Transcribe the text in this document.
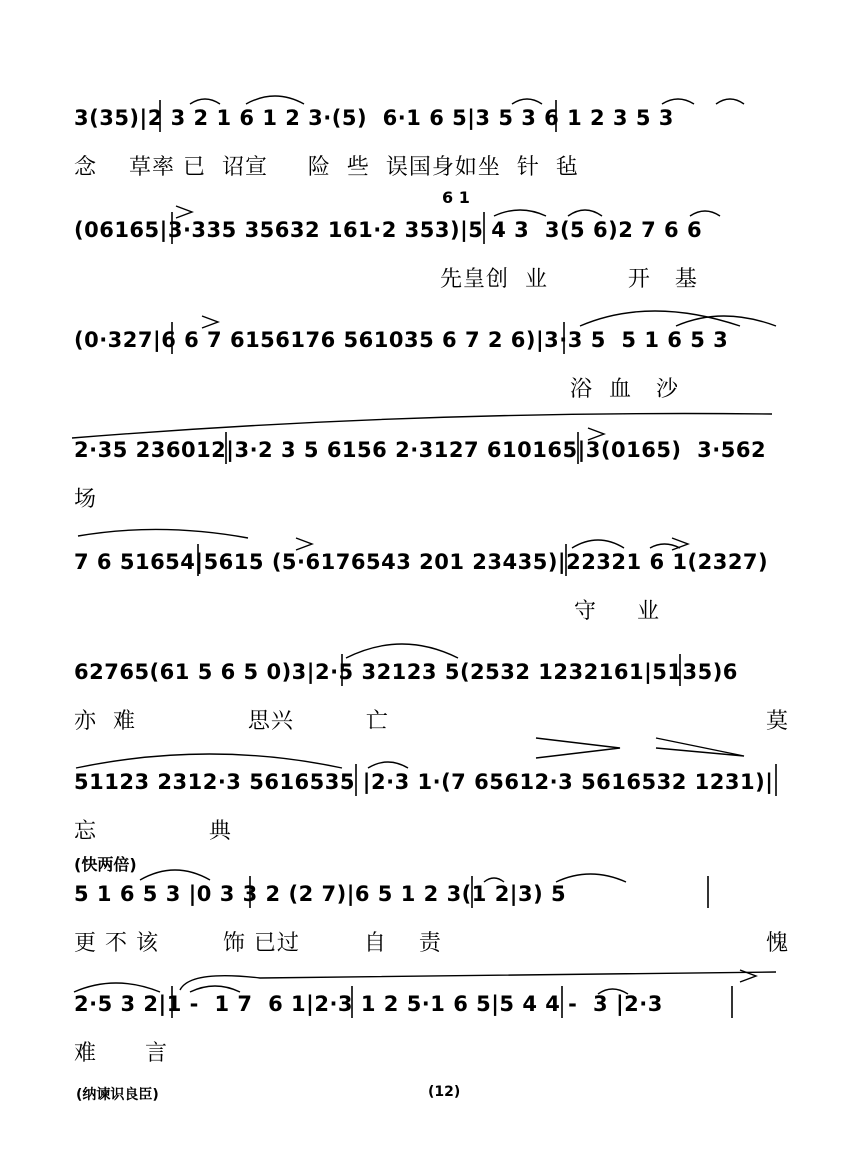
3(35)|2 3 2 1 6 1 2 3·(5)  6·1 6 5|3 5 3 6 1 2 3 5 3
念    草率 已  诏宣     险  些  误国身如坐  针  毡
6 1
(06165|3·335 35632 161·2 353)|5 4 3  3(5 6)2 7 6 6
先皇创  业          开   基
(0·327|6 6 7 6156176 561035 6 7 2 6)|3·3 5  5 1 6 5 3
浴  血   沙
2·35 236012|3·2 3 5 6156 2·3127 610165|3(0165)  3·562
场
7 6 51654|5615 (5·6176543 201 23435)|22321 6 1(2327)
守     业
62765(61 5 6 5 0)3|2·5 32123 5(2532 1232161|5135)6
亦  难              思兴         亡	莫
51123 2312·3 5616535 |2·3 1·(7 65612·3 5616532 1231)|
忘              典
(快两倍)
5 1 6 5 3 |0 3 3 2 (2 7)|6 5 1 2 3(1 2|3) 5
更 不 该        饰 已过        自    责	愧
2·5 3 2|1 -  1 7  6 1|2·3 1 2 5·1 6 5|5 4 4 -  3 |2·3
难      言
(纳谏识良臣)	(12)
